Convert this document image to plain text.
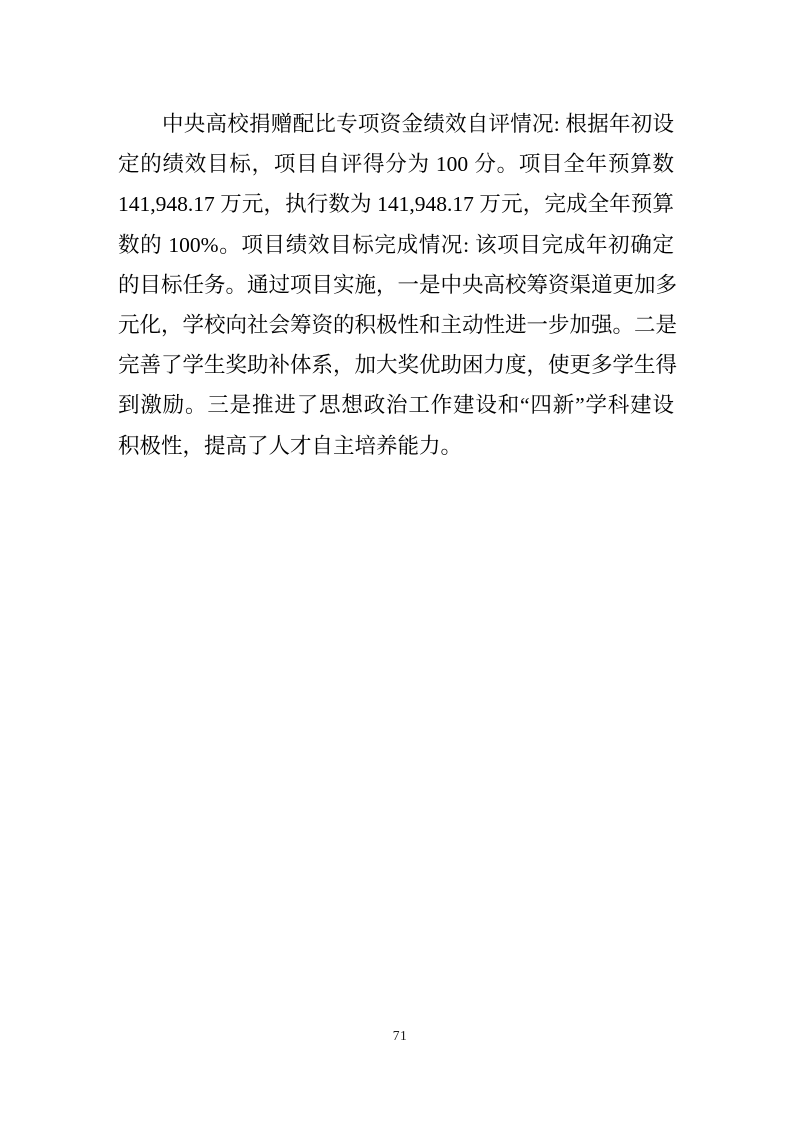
中央高校捐赠配比专项资金绩效自评情况: 根据年初设

定的绩效目标，项目自评得分为 100 分。项目全年预算数

141,948.17 万元，执行数为 141,948.17 万元，完成全年预算

数的 100%。项目绩效目标完成情况: 该项目完成年初确定

的目标任务。通过项目实施，一是中央高校筹资渠道更加多

元化，学校向社会筹资的积极性和主动性进一步加强。二是

完善了学生奖助补体系，加大奖优助困力度，使更多学生得

到激励。三是推进了思想政治工作建设和“四新”学科建设

积极性，提高了人才自主培养能力。

71
